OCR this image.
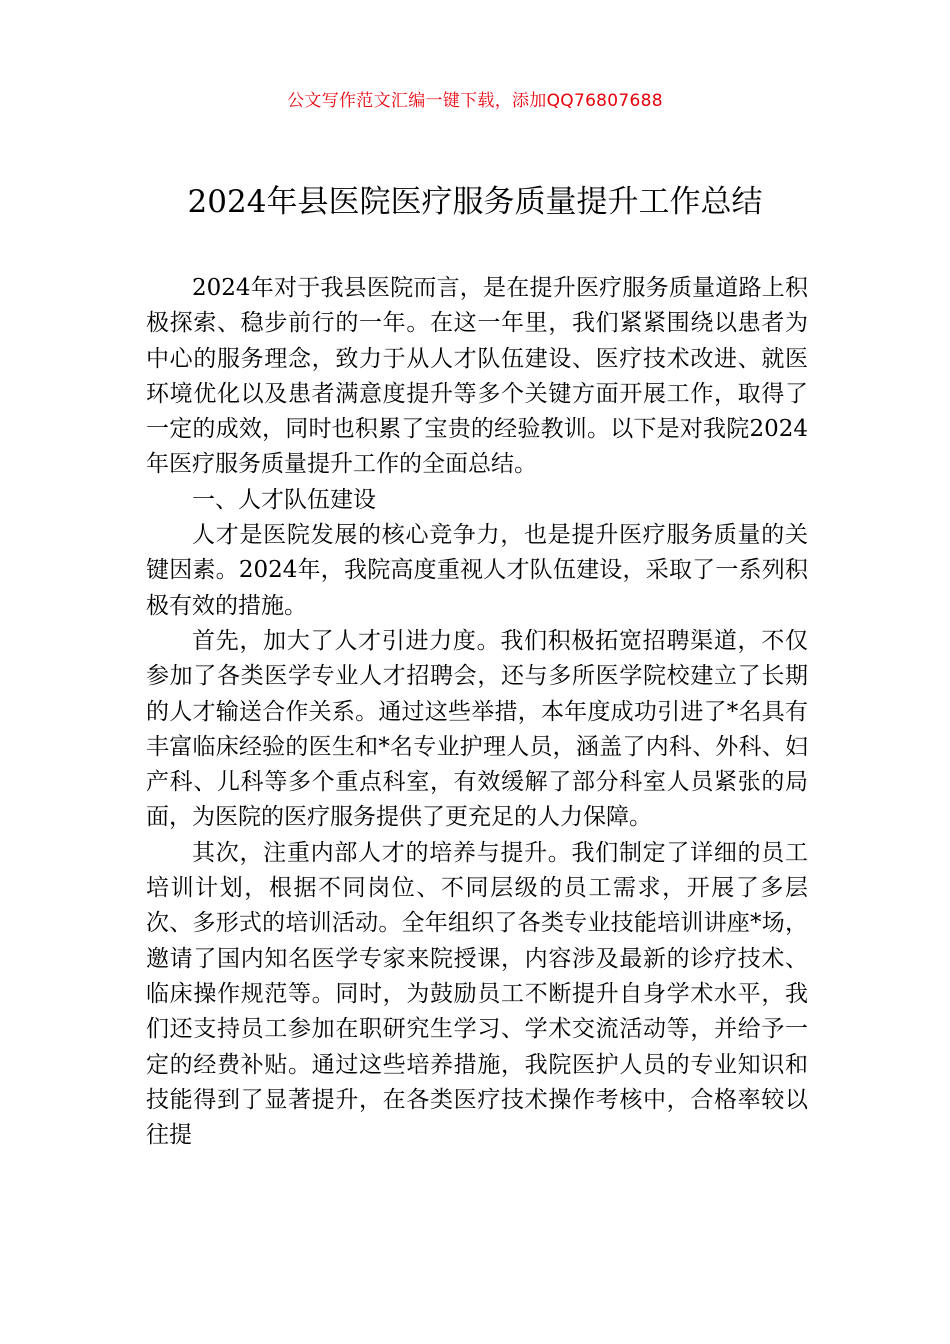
公文写作范文汇编一键下载，添加QQ76807688
2024年县医院医疗服务质量提升工作总结

2024年对于我县医院而言，是在提升医疗服务质量道路上积极探索、稳步前行的一年。在这一年里，我们紧紧围绕以患者为中心的服务理念，致力于从人才队伍建设、医疗技术改进、就医环境优化以及患者满意度提升等多个关键方面开展工作，取得了一定的成效，同时也积累了宝贵的经验教训。以下是对我院2024年医疗服务质量提升工作的全面总结。

一、人才队伍建设

人才是医院发展的核心竞争力，也是提升医疗服务质量的关键因素。2024年，我院高度重视人才队伍建设，采取了一系列积极有效的措施。

首先，加大了人才引进力度。我们积极拓宽招聘渠道，不仅参加了各类医学专业人才招聘会，还与多所医学院校建立了长期的人才输送合作关系。通过这些举措，本年度成功引进了*名具有丰富临床经验的医生和*名专业护理人员，涵盖了内科、外科、妇产科、儿科等多个重点科室，有效缓解了部分科室人员紧张的局面，为医院的医疗服务提供了更充足的人力保障。

其次，注重内部人才的培养与提升。我们制定了详细的员工培训计划，根据不同岗位、不同层级的员工需求，开展了多层次、多形式的培训活动。全年组织了各类专业技能培训讲座*场，邀请了国内知名医学专家来院授课，内容涉及最新的诊疗技术、临床操作规范等。同时，为鼓励员工不断提升自身学术水平，我们还支持员工参加在职研究生学习、学术交流活动等，并给予一定的经费补贴。通过这些培养措施，我院医护人员的专业知识和技能得到了显著提升，在各类医疗技术操作考核中，合格率较以往提
